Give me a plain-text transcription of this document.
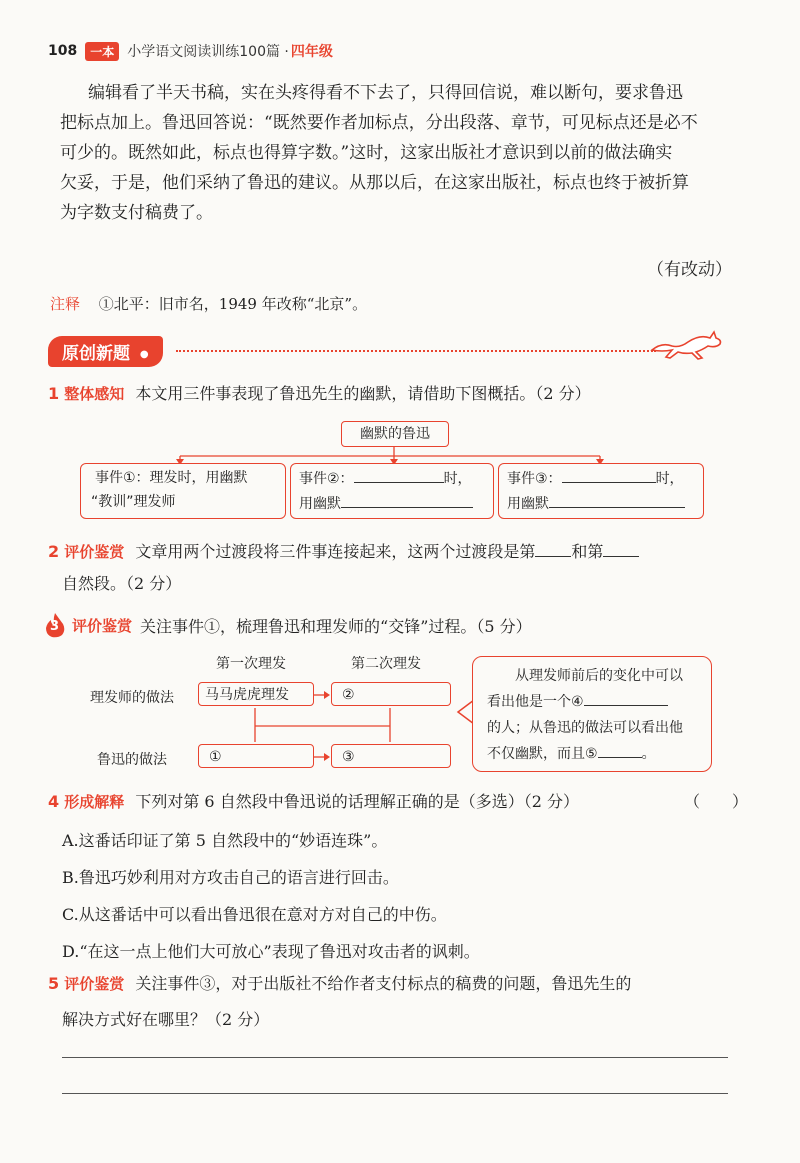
108	一本 小学语文阅读训练100篇 · 四年级
编辑看了半天书稿，实在头疼得看不下去了，只得回信说，难以断句，要求鲁迅
把标点加上。鲁迅回答说：“既然要作者加标点，分出段落、章节，可见标点还是必不
可少的。既然如此，标点也得算字数。”这时，这家出版社才意识到以前的做法确实
欠妥，于是，他们采纳了鲁迅的建议。从那以后，在这家出版社，标点也终于被折算
为字数支付稿费了。
（有改动）
注释 ①北平：旧市名，1949 年改称“北京”。
原创新题 ●
1 整体感知 本文用三件事表现了鲁迅先生的幽默，请借助下图概括。（2 分）
幽默的鲁迅
事件①：理发时，用幽默
“教训”理发师
事件②：	时，
用幽默
事件③：	时，
用幽默
2 评价鉴赏 文章用两个过渡段将三件事连接起来，这两个过渡段是第 和第
自然段。（2 分）
3 评价鉴赏 关注事件①，梳理鲁迅和理发师的“交锋”过程。（5 分）
第一次理发	第二次理发
理发师的做法
鲁迅的做法
马马虎虎理发	②
①	③
从理发师前后的变化中可以
看出他是一个④
的人；从鲁迅的做法可以看出他
不仅幽默，而且⑤	。
4 形成解释 下列对第 6 自然段中鲁迅说的话理解正确的是（多选）（2 分）	（　　）
A.这番话印证了第 5 自然段中的“妙语连珠”。
B.鲁迅巧妙利用对方攻击自己的语言进行回击。
C.从这番话中可以看出鲁迅很在意对方对自己的中伤。
D.“在这一点上他们大可放心”表现了鲁迅对攻击者的讽刺。
5 评价鉴赏 关注事件③，对于出版社不给作者支付标点的稿费的问题，鲁迅先生的
解决方式好在哪里？（2 分）
